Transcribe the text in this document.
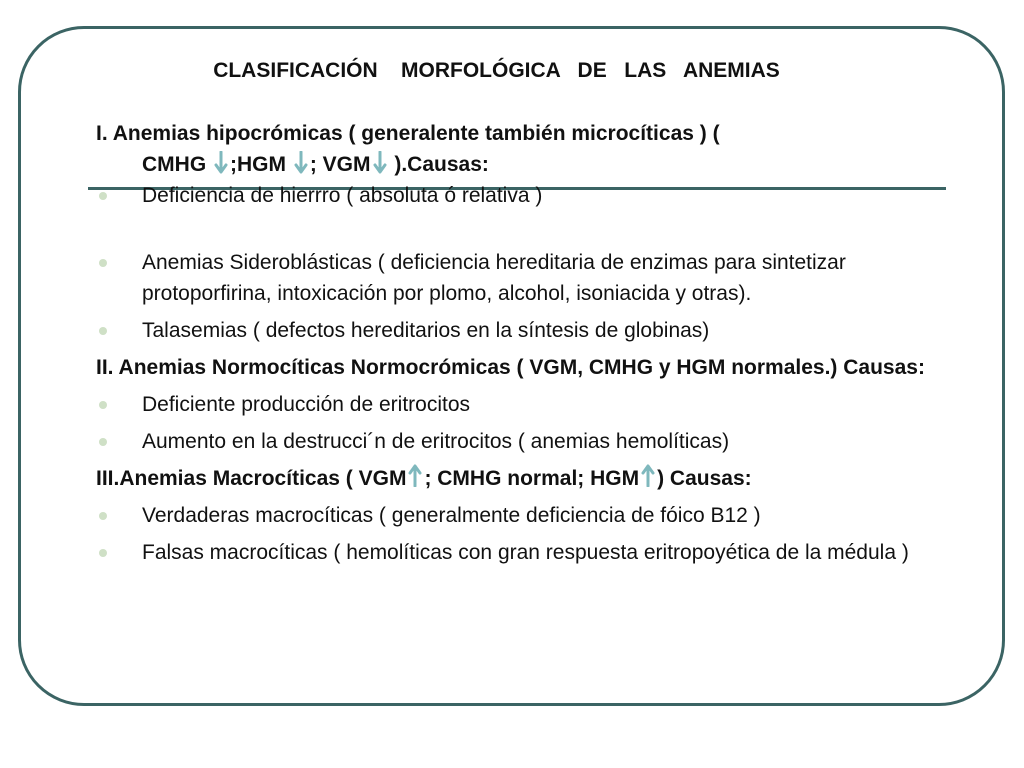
CLASIFICACIÓN    MORFOLÓGICA   DE   LAS   ANEMIAS
I. Anemias hipocrómicas ( generalente también microcíticas ) (
CMHG
;HGM
; VGM
).Causas:
Deficiencia de hierrro ( absoluta ó relativa )
Anemias Sideroblásticas ( deficiencia hereditaria de enzimas para sintetizar protoporfirina, intoxicación por plomo, alcohol, isoniacida y otras).
Talasemias ( defectos hereditarios en la síntesis de globinas)
II. Anemias Normocíticas Normocrómicas ( VGM, CMHG y HGM normales.) Causas:
Deficiente producción de eritrocitos
Aumento en la destrucci´n de eritrocitos ( anemias hemolíticas)
III.Anemias Macrocíticas ( VGM ; CMHG normal; HGM ) Causas:
Verdaderas macrocíticas ( generalmente deficiencia de fóico B12 )
Falsas macrocíticas ( hemolíticas con gran respuesta eritropoyética de la médula )
